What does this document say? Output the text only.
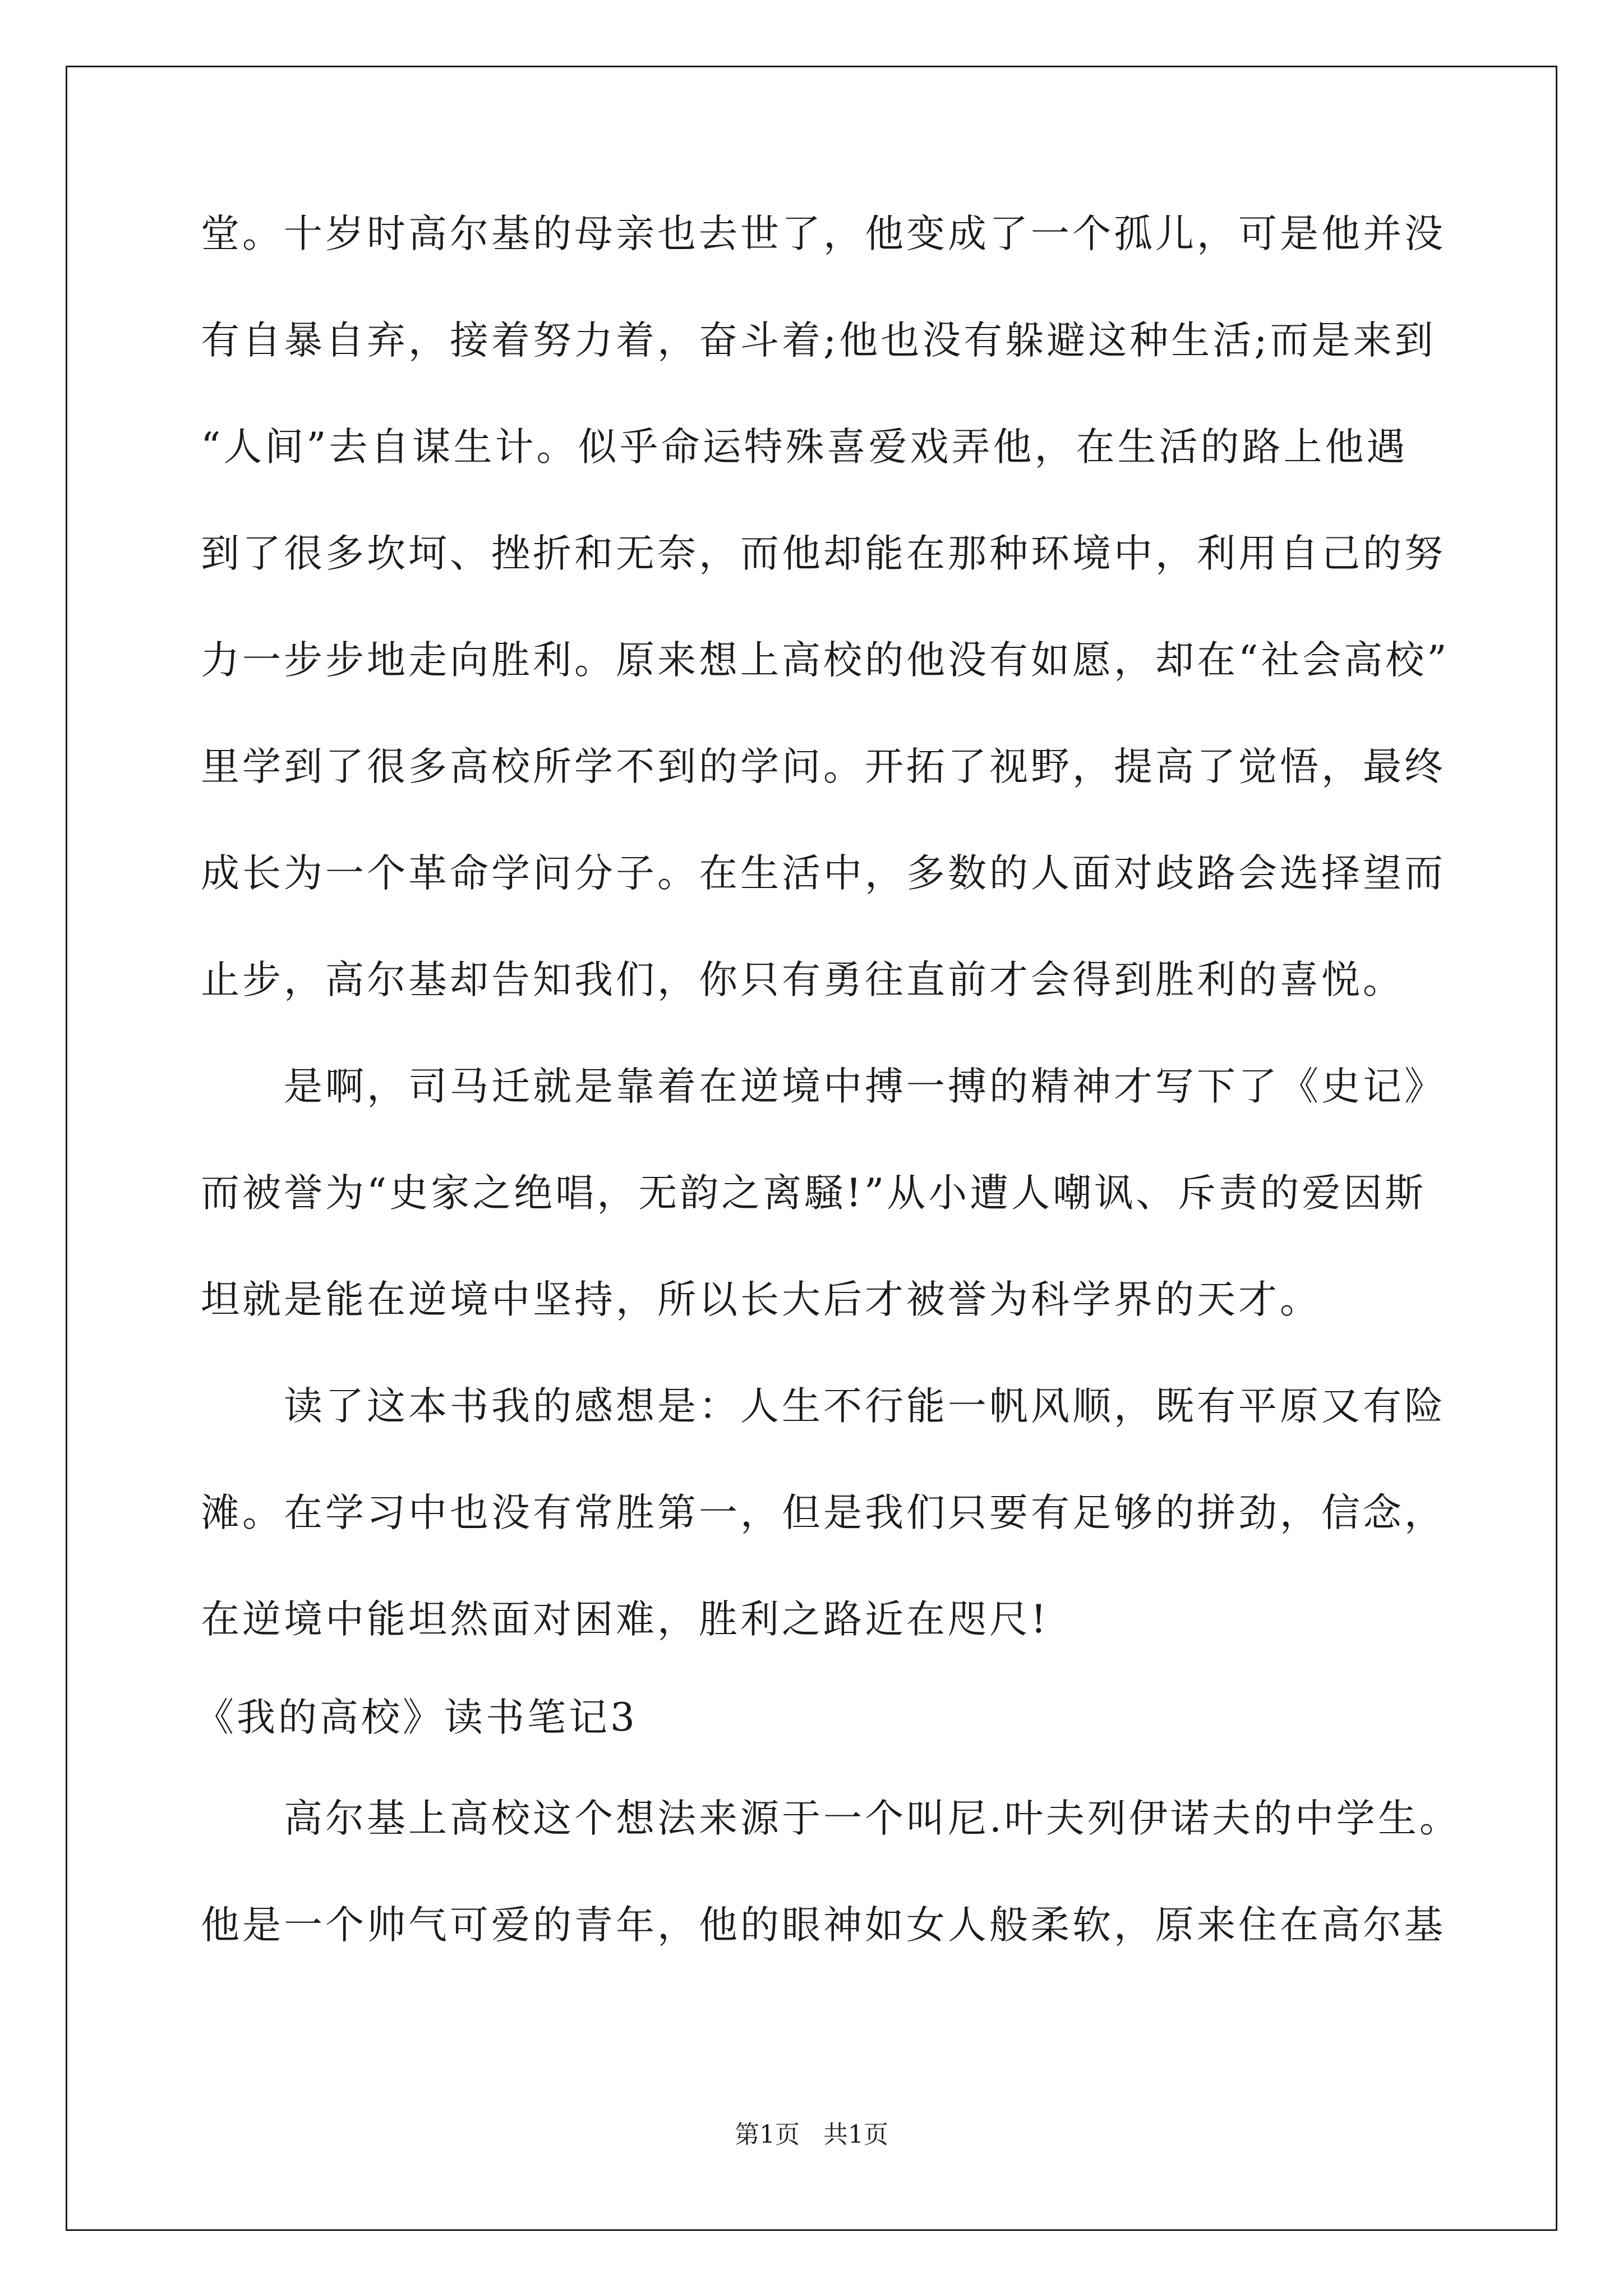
堂。十岁时高尔基的母亲也去世了，他变成了一个孤儿，可是他并没
有自暴自弃，接着努力着，奋斗着;他也没有躲避这种生活;而是来到
“人间”去自谋生计。似乎命运特殊喜爱戏弄他，在生活的路上他遇
到了很多坎坷、挫折和无奈，而他却能在那种环境中，利用自己的努
力一步步地走向胜利。原来想上高校的他没有如愿，却在“社会高校”
里学到了很多高校所学不到的学问。开拓了视野，提高了觉悟，最终
成长为一个革命学问分子。在生活中，多数的人面对歧路会选择望而
止步，高尔基却告知我们，你只有勇往直前才会得到胜利的喜悦。
是啊，司马迁就是靠着在逆境中搏一搏的精神才写下了《史记》
而被誉为“史家之绝唱，无韵之离騒!”从小遭人嘲讽、斥责的爱因斯
坦就是能在逆境中坚持，所以长大后才被誉为科学界的天才。
读了这本书我的感想是：人生不行能一帆风顺，既有平原又有险
滩。在学习中也没有常胜第一，但是我们只要有足够的拼劲，信念，
在逆境中能坦然面对困难，胜利之路近在咫尺!
《我的高校》读书笔记3
高尔基上高校这个想法来源于一个叫尼.叶夫列伊诺夫的中学生。
他是一个帅气可爱的青年，他的眼神如女人般柔软，原来住在高尔基
第1页 共1页
